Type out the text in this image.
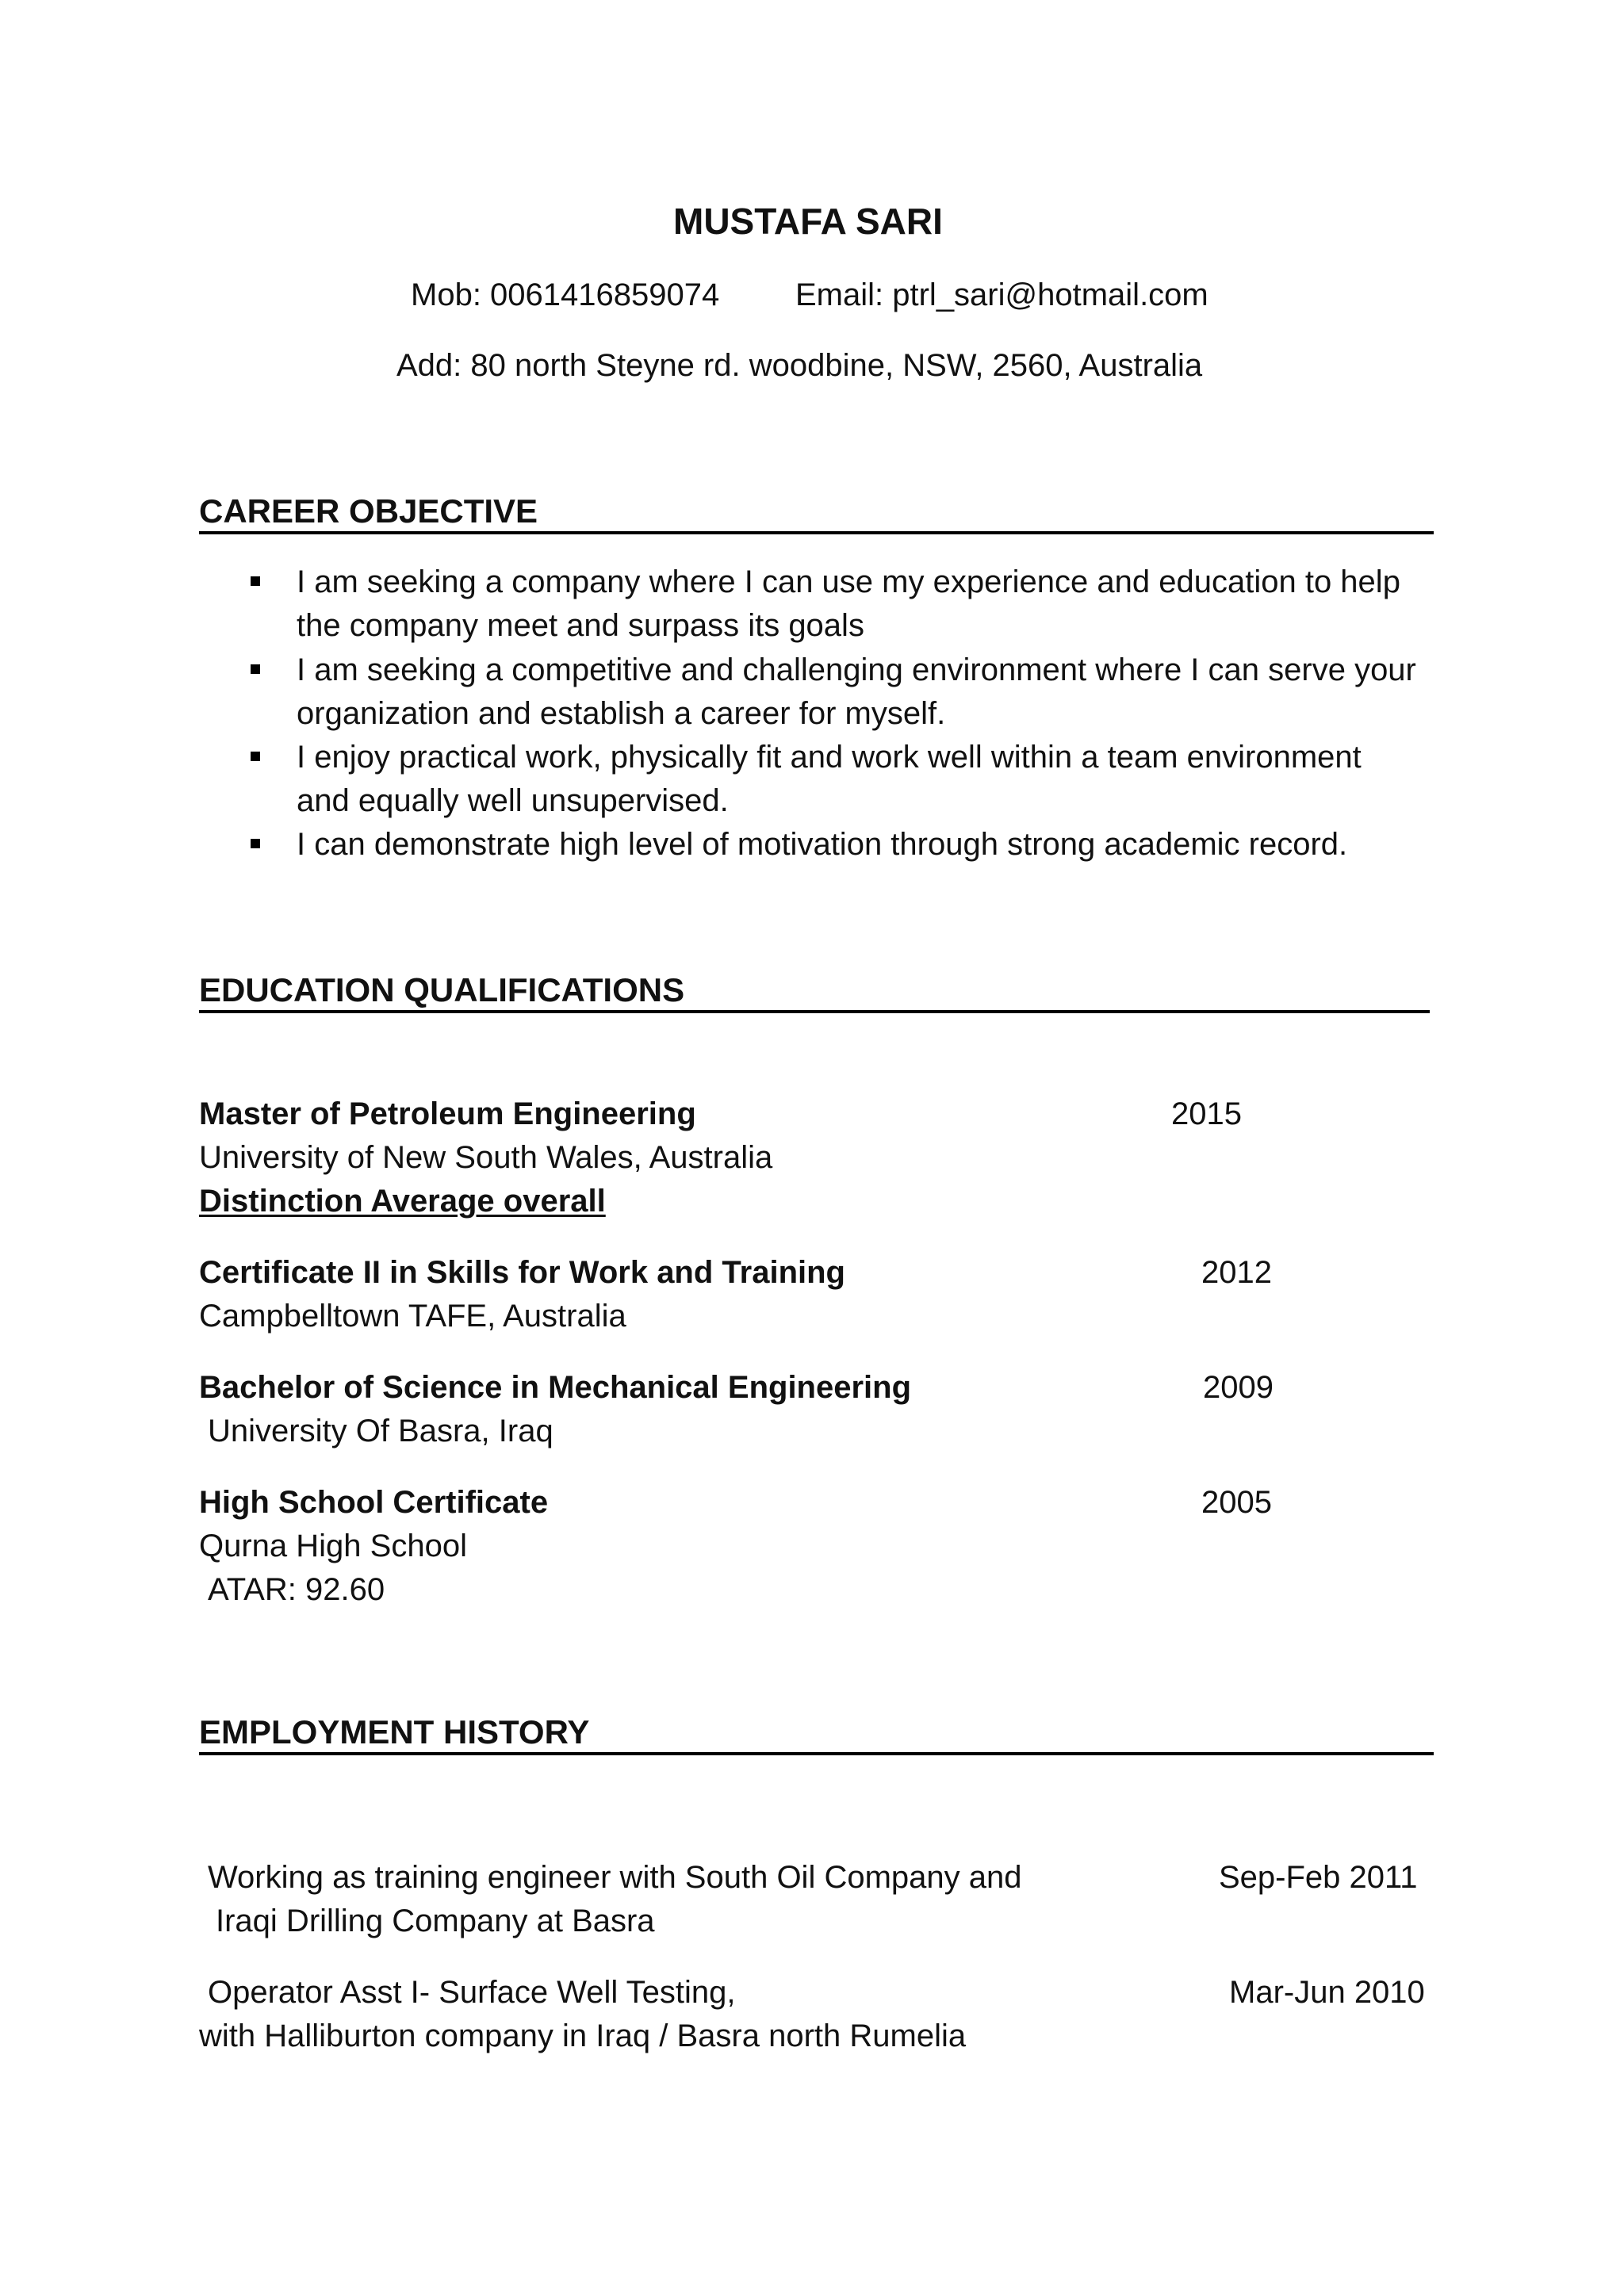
MUSTAFA SARI
Mob: 0061416859074 Email: ptrl_sari@hotmail.com
Add: 80 north Steyne rd. woodbine, NSW, 2560, Australia
CAREER OBJECTIVE
I am seeking a company where I can use my experience and education to help the company meet and surpass its goals
I am seeking a competitive and challenging environment where I can serve your organization and establish a career for myself.
I enjoy practical work, physically fit and work well within a team environment and equally well unsupervised.
I can demonstrate high level of motivation through strong academic record.
EDUCATION QUALIFICATIONS
Master of Petroleum Engineering	2015
University of New South Wales, Australia
Distinction Average overall
Certificate II in Skills for Work and Training	2012
Campbelltown TAFE, Australia
Bachelor of Science in Mechanical Engineering	2009
University Of Basra, Iraq
High School Certificate	2005
Qurna High School
ATAR: 92.60
EMPLOYMENT HISTORY
Working as training engineer with South Oil Company and	Sep-Feb 2011
Iraqi Drilling Company at Basra
Operator Asst I- Surface Well Testing,	Mar-Jun 2010
with Halliburton company in Iraq / Basra north Rumelia
